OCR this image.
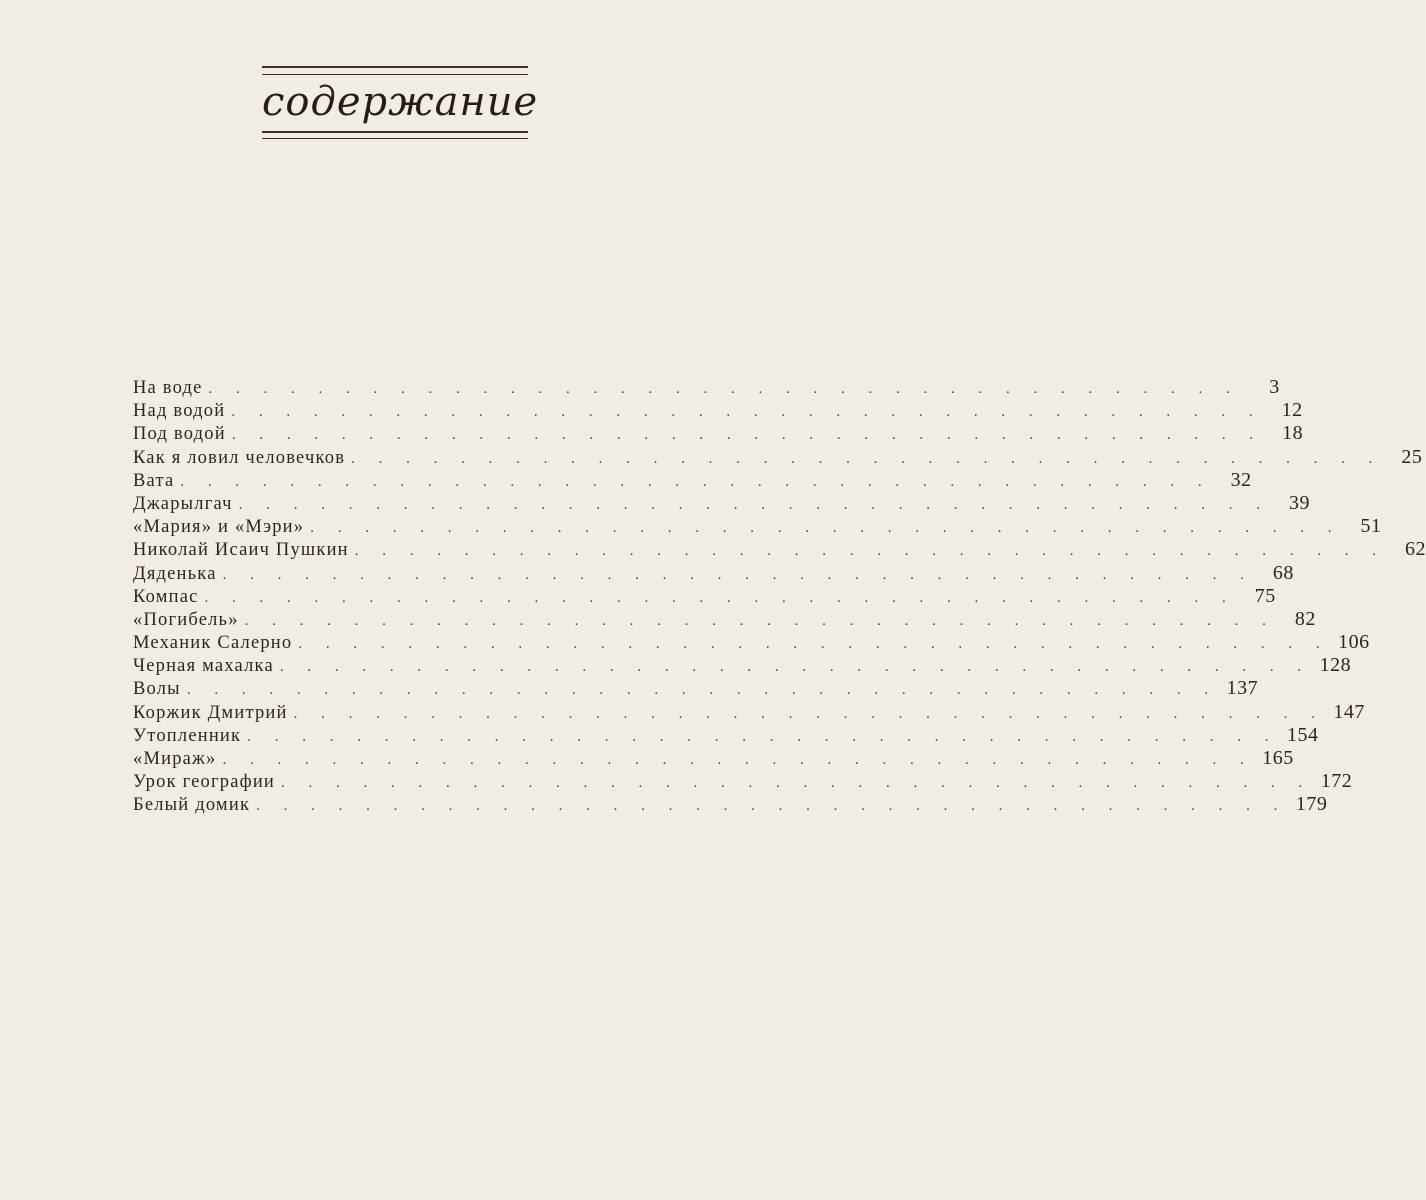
содержание
На воде . . . . . . . . . . . . . . . . . . . . . . . . . . . . . . . . . . . . . .	3
Над водой . . . . . . . . . . . . . . . . . . . . . . . . . . . . . . . . . . . . . . 12
Под водой . . . . . . . . . . . . . . . . . . . . . . . . . . . . . . . . . . . . . . 18
Как я ловил человечков . . . . . . . . . . . . . . . . . . . . . . . . . . . . . . . . . . . . . . 25
Вата . . . . . . . . . . . . . . . . . . . . . . . . . . . . . . . . . . . . . . 32
Джарылгач . . . . . . . . . . . . . . . . . . . . . . . . . . . . . . . . . . . . . . 39
«Мария» и «Мэри» . . . . . . . . . . . . . . . . . . . . . . . . . . . . . . . . . . . . . . 51
Николай Исаич Пушкин . . . . . . . . . . . . . . . . . . . . . . . . . . . . . . . . . . . . . . 62
Дяденька . . . . . . . . . . . . . . . . . . . . . . . . . . . . . . . . . . . . . . 68
Компас . . . . . . . . . . . . . . . . . . . . . . . . . . . . . . . . . . . . . . 75
«Погибель» . . . . . . . . . . . . . . . . . . . . . . . . . . . . . . . . . . . . . . 82
Механик Салерно . . . . . . . . . . . . . . . . . . . . . . . . . . . . . . . . . . . . . . 106
Черная махалка . . . . . . . . . . . . . . . . . . . . . . . . . . . . . . . . . . . . . . 128
Волы . . . . . . . . . . . . . . . . . . . . . . . . . . . . . . . . . . . . . . 137
Коржик Дмитрий . . . . . . . . . . . . . . . . . . . . . . . . . . . . . . . . . . . . . . 147
Утопленник . . . . . . . . . . . . . . . . . . . . . . . . . . . . . . . . . . . . . . 154
«Мираж» . . . . . . . . . . . . . . . . . . . . . . . . . . . . . . . . . . . . . . 165
Урок географии . . . . . . . . . . . . . . . . . . . . . . . . . . . . . . . . . . . . . . 172
Белый домик . . . . . . . . . . . . . . . . . . . . . . . . . . . . . . . . . . . . . . 179
